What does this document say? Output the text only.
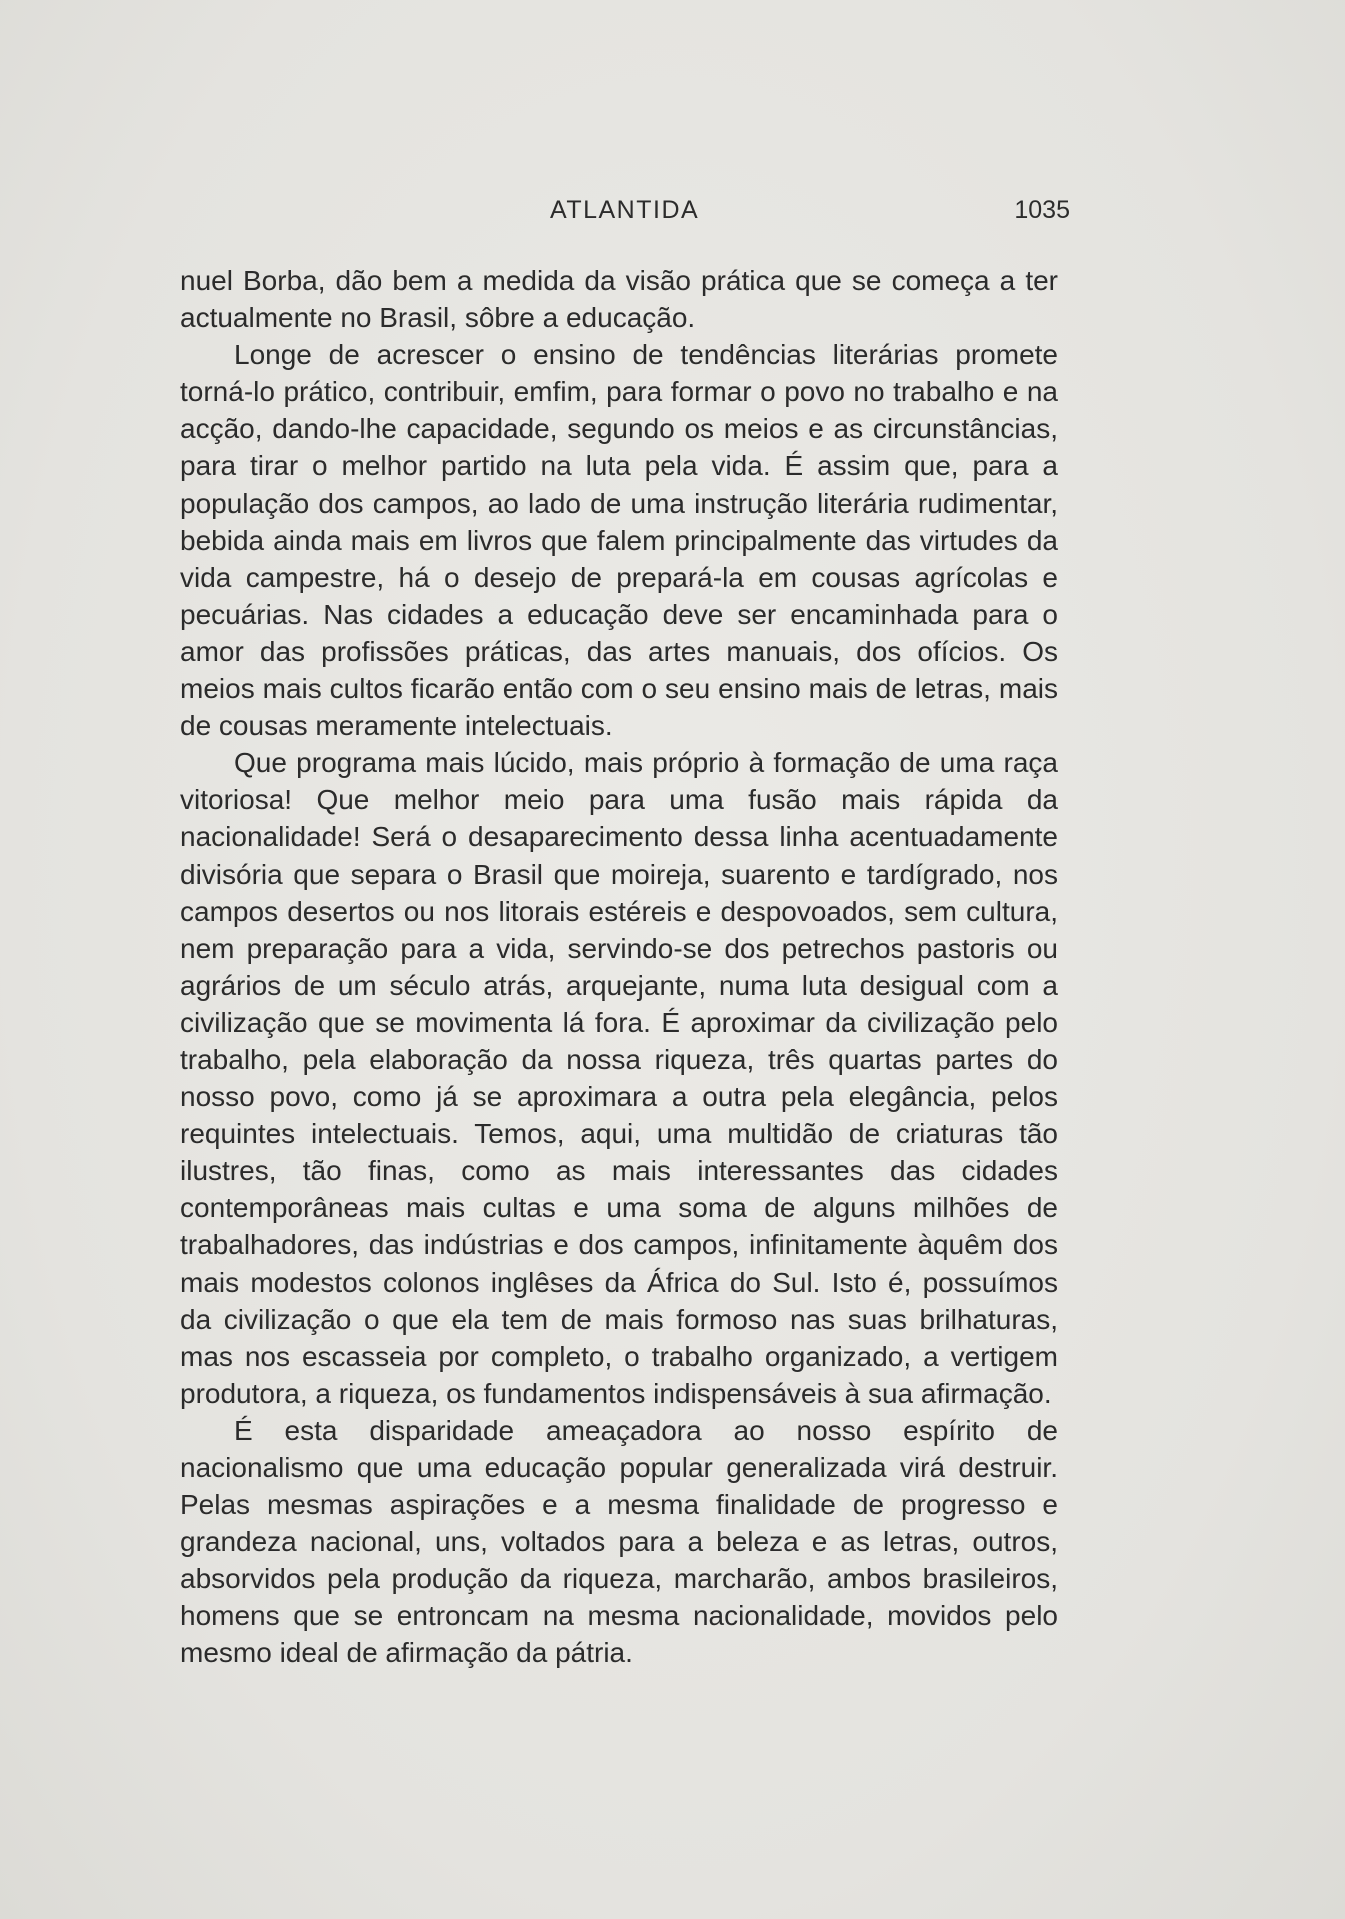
ATLANTIDA	1035

nuel Borba, dão bem a medida da visão prática que se começa a ter actualmente no Brasil, sôbre a educação.

Longe de acrescer o ensino de tendências literárias promete torná-lo prático, contribuir, emfim, para formar o povo no trabalho e na acção, dando-lhe capacidade, segundo os meios e as circunstâncias, para tirar o melhor partido na luta pela vida. É assim que, para a população dos campos, ao lado de uma instrução literária rudimentar, bebida ainda mais em livros que falem principalmente das virtudes da vida campestre, há o desejo de prepará-la em cousas agrícolas e pecuárias. Nas cidades a educação deve ser encaminhada para o amor das profissões práticas, das artes manuais, dos ofícios. Os meios mais cultos ficarão então com o seu ensino mais de letras, mais de cousas meramente intelectuais.

Que programa mais lúcido, mais próprio à formação de uma raça vitoriosa! Que melhor meio para uma fusão mais rápida da nacionalidade! Será o desaparecimento dessa linha acentuadamente divisória que separa o Brasil que moireja, suarento e tardígrado, nos campos desertos ou nos litorais estéreis e despovoados, sem cultura, nem preparação para a vida, servindo-se dos petrechos pastoris ou agrários de um século atrás, arquejante, numa luta desigual com a civilização que se movimenta lá fora. É aproximar da civilização pelo trabalho, pela elaboração da nossa riqueza, três quartas partes do nosso povo, como já se aproximara a outra pela elegância, pelos requintes intelectuais. Temos, aqui, uma multidão de criaturas tão ilustres, tão finas, como as mais interessantes das cidades contemporâneas mais cultas e uma soma de alguns milhões de trabalhadores, das indústrias e dos campos, infinitamente àquêm dos mais modestos colonos inglêses da África do Sul. Isto é, possuímos da civilização o que ela tem de mais formoso nas suas brilhaturas, mas nos escasseia por completo, o trabalho organizado, a vertigem produtora, a riqueza, os fundamentos indispensáveis à sua afirmação.

É esta disparidade ameaçadora ao nosso espírito de nacionalismo que uma educação popular generalizada virá destruir. Pelas mesmas aspirações e a mesma finalidade de progresso e grandeza nacional, uns, voltados para a beleza e as letras, outros, absorvidos pela produção da riqueza, marcharão, ambos brasileiros, homens que se entroncam na mesma nacionalidade, movidos pelo mesmo ideal de afirmação da pátria.
